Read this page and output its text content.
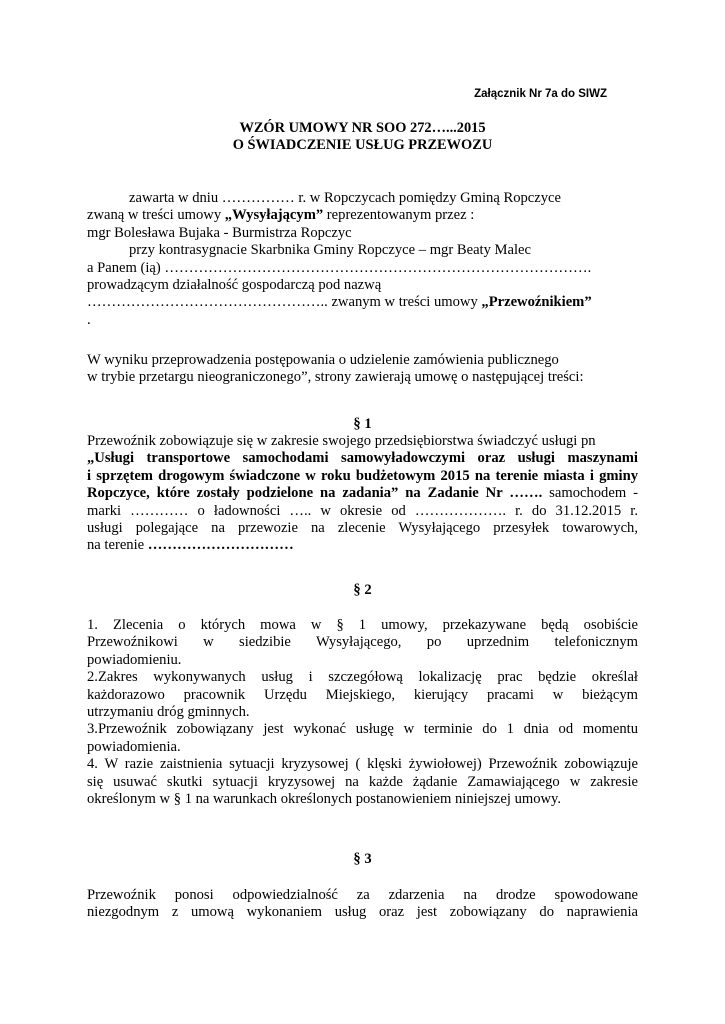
Załącznik Nr 7a do SIWZ
WZÓR UMOWY NR SOO 272…...2015
O ŚWIADCZENIE USŁUG PRZEWOZU
zawarta w dniu …………… r. w Ropczycach pomiędzy Gminą Ropczyce
zwaną w treści umowy „Wysyłającym” reprezentowanym przez :
mgr Bolesława Bujaka - Burmistrza Ropczyc
przy kontrasygnacie Skarbnika Gminy Ropczyce – mgr Beaty Malec
a Panem (ią) …………………………………………………………………………….
prowadzącym działalność gospodarczą pod nazwą
………………………………………….. zwanym w treści umowy „Przewoźnikiem”
.
W wyniku przeprowadzenia postępowania o udzielenie zamówienia publicznego
w trybie przetargu nieograniczonego”, strony zawierają umowę o następującej treści:
§ 1
Przewoźnik zobowiązuje się w zakresie swojego przedsiębiorstwa świadczyć usługi pn
„Usługi transportowe samochodami samowyładowczymi oraz usługi maszynami
i sprzętem drogowym świadczone w roku budżetowym 2015 na terenie miasta i gminy
Ropczyce, które zostały podzielone na zadania” na Zadanie Nr ……. samochodem -
marki ………… o ładowności ….. w okresie od ………………. r. do 31.12.2015 r.
usługi polegające na przewozie na zlecenie Wysyłającego przesyłek towarowych,
na terenie …………………………
§ 2
1. Zlecenia o których mowa w § 1 umowy, przekazywane będą osobiście
Przewoźnikowi w siedzibie Wysyłającego, po uprzednim telefonicznym
powiadomieniu.
2.Zakres wykonywanych usług i szczegółową lokalizację prac będzie określał
każdorazowo pracownik Urzędu Miejskiego, kierujący pracami w bieżącym
utrzymaniu dróg gminnych.
3.Przewoźnik zobowiązany jest wykonać usługę w terminie do 1 dnia od momentu
powiadomienia.
4. W razie zaistnienia sytuacji kryzysowej ( klęski żywiołowej) Przewoźnik zobowiązuje
się usuwać skutki sytuacji kryzysowej na każde żądanie Zamawiającego w zakresie
określonym w § 1 na warunkach określonych postanowieniem niniejszej umowy.
§ 3
Przewoźnik ponosi odpowiedzialność za zdarzenia na drodze spowodowane
niezgodnym z umową wykonaniem usług oraz jest zobowiązany do naprawienia
